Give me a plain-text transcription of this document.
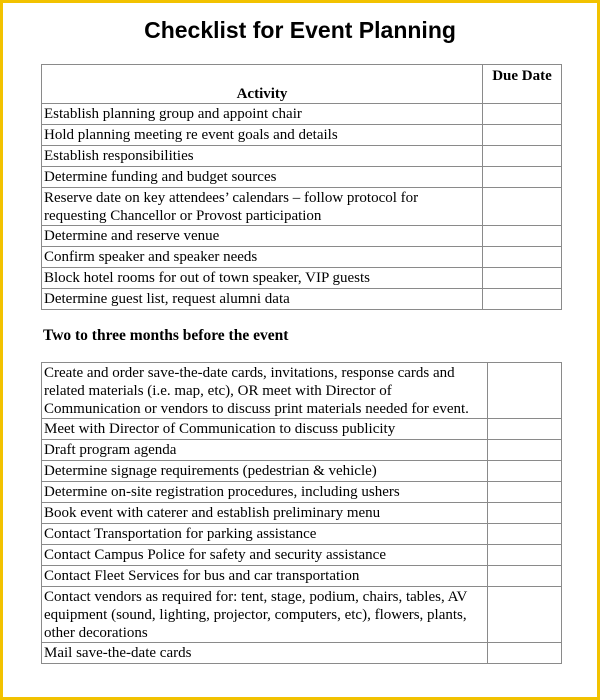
Checklist for Event Planning
Activity	Due Date
Establish planning group and appoint chair	
Hold planning meeting re event goals and details	
Establish responsibilities	
Determine funding and budget sources	
Reserve date on key attendees’ calendars – follow protocol for requesting Chancellor or Provost participation	
Determine and reserve venue	
Confirm speaker and speaker needs	
Block hotel rooms for out of town speaker, VIP guests	
Determine guest list, request alumni data	
Two to three months before the event
Create and order save-the-date cards, invitations, response cards and related materials (i.e. map, etc), OR meet with Director of Communication or vendors to discuss print materials needed for event.	
Meet with Director of Communication to discuss publicity	
Draft program agenda	
Determine signage requirements (pedestrian & vehicle)	
Determine on-site registration procedures, including ushers	
Book event with caterer and establish preliminary menu	
Contact Transportation for parking assistance	
Contact Campus Police for safety and security assistance	
Contact Fleet Services for bus and car transportation	
Contact vendors as required for: tent, stage, podium, chairs, tables, AV equipment (sound, lighting, projector, computers, etc), flowers, plants, other decorations	
Mail save-the-date cards	
